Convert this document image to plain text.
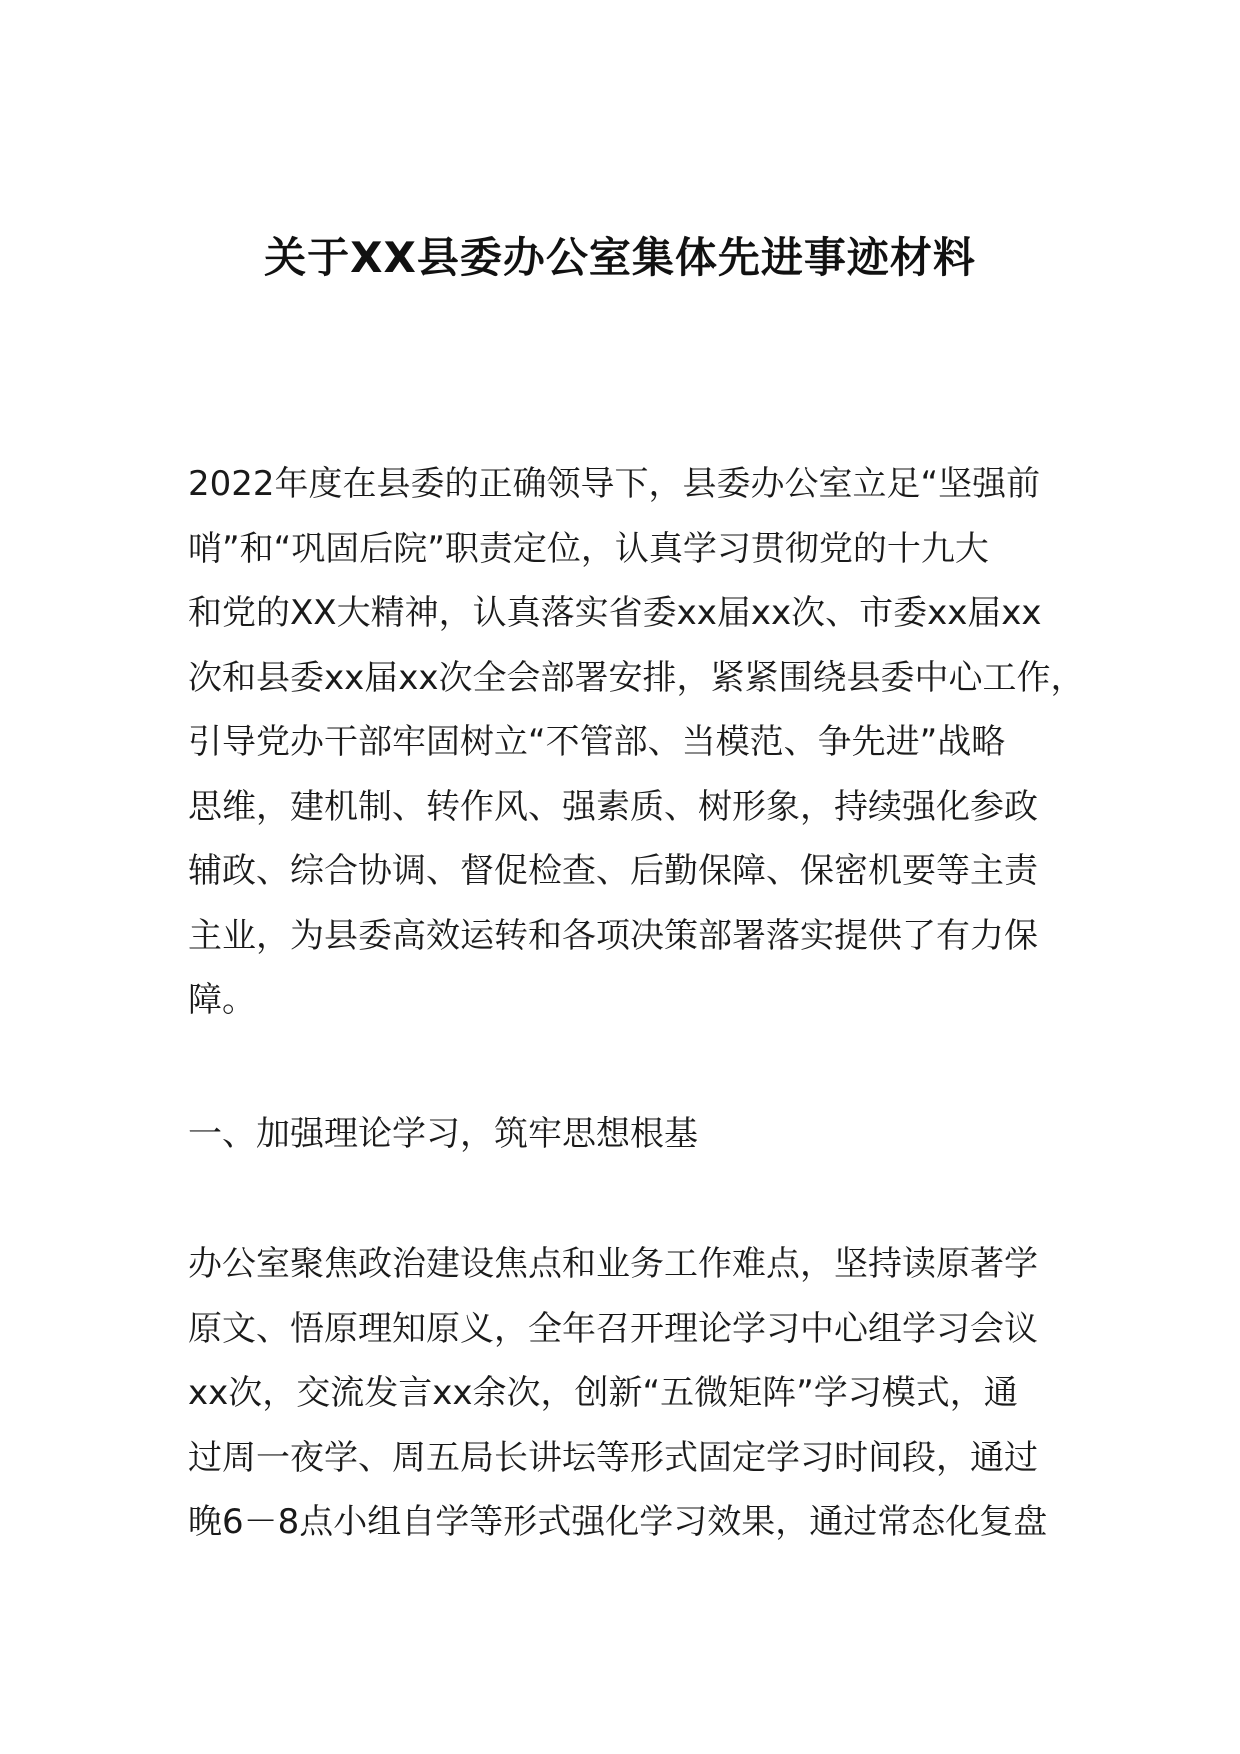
关于XX县委办公室集体先进事迹材料
2022年度在县委的正确领导下，县委办公室立足“坚强前
哨”和“巩固后院”职责定位，认真学习贯彻党的十九大
和党的XX大精神，认真落实省委xx届xx次、市委xx届xx
次和县委xx届xx次全会部署安排，紧紧围绕县委中心工作，
引导党办干部牢固树立“不管部、当模范、争先进”战略
思维，建机制、转作风、强素质、树形象，持续强化参政
辅政、综合协调、督促检查、后勤保障、保密机要等主责
主业，为县委高效运转和各项决策部署落实提供了有力保
障。
一、加强理论学习，筑牢思想根基
办公室聚焦政治建设焦点和业务工作难点，坚持读原著学
原文、悟原理知原义，全年召开理论学习中心组学习会议
xx次，交流发言xx余次，创新“五微矩阵”学习模式，通
过周一夜学、周五局长讲坛等形式固定学习时间段，通过
晚6－8点小组自学等形式强化学习效果，通过常态化复盘
